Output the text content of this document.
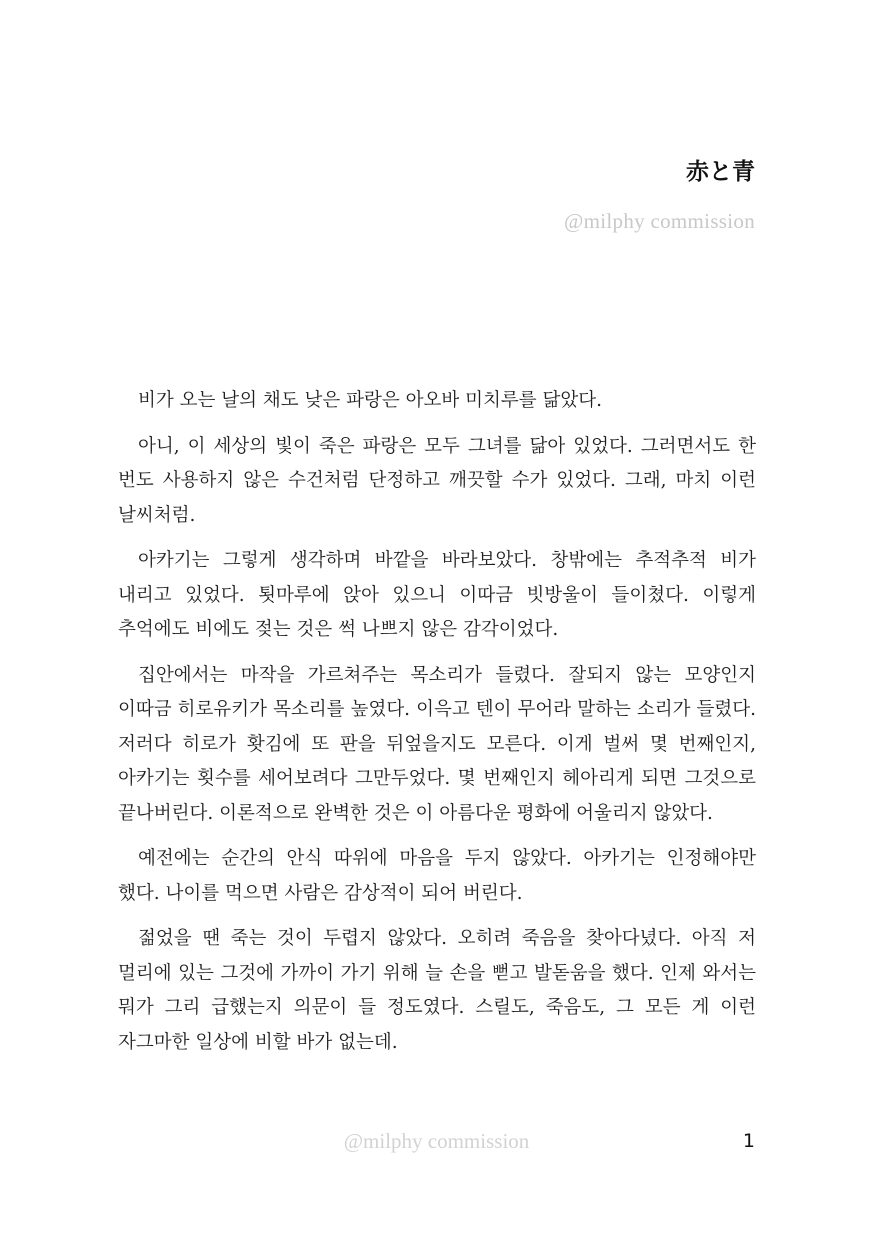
赤と青
@milphy commission

비가 오는 날의 채도 낮은 파랑은 아오바 미치루를 닮았다.

아니, 이 세상의 빛이 죽은 파랑은 모두 그녀를 닮아 있었다. 그러면서도 한 번도 사용하지 않은 수건처럼 단정하고 깨끗할 수가 있었다. 그래, 마치 이런 날씨처럼.

아카기는 그렇게 생각하며 바깥을 바라보았다. 창밖에는 추적추적 비가 내리고 있었다. 툇마루에 앉아 있으니 이따금 빗방울이 들이쳤다. 이렇게 추억에도 비에도 젖는 것은 썩 나쁘지 않은 감각이었다.

집안에서는 마작을 가르쳐주는 목소리가 들렸다. 잘되지 않는 모양인지 이따금 히로유키가 목소리를 높였다. 이윽고 텐이 무어라 말하는 소리가 들렸다. 저러다 히로가 홧김에 또 판을 뒤엎을지도 모른다. 이게 벌써 몇 번째인지, 아카기는 횟수를 세어보려다 그만두었다. 몇 번째인지 헤아리게 되면 그것으로 끝나버린다. 이론적으로 완벽한 것은 이 아름다운 평화에 어울리지 않았다.

예전에는 순간의 안식 따위에 마음을 두지 않았다. 아카기는 인정해야만 했다. 나이를 먹으면 사람은 감상적이 되어 버린다.

젊었을 땐 죽는 것이 두렵지 않았다. 오히려 죽음을 찾아다녔다. 아직 저 멀리에 있는 그것에 가까이 가기 위해 늘 손을 뻗고 발돋움을 했다. 인제 와서는 뭐가 그리 급했는지 의문이 들 정도였다. 스릴도, 죽음도, 그 모든 게 이런 자그마한 일상에 비할 바가 없는데.

@milphy commission	1
